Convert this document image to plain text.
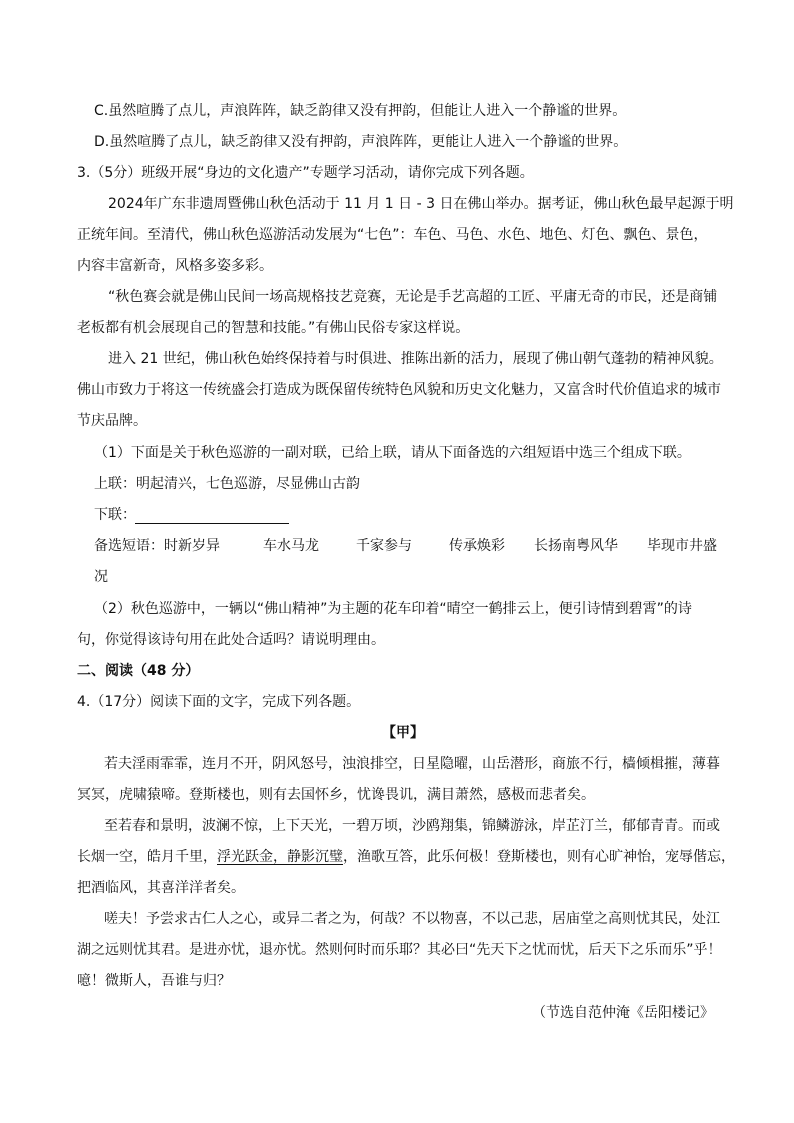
C.虽然喧腾了点儿，声浪阵阵，缺乏韵律又没有押韵，但能让人进入一个静谧的世界。

D.虽然喧腾了点儿，缺乏韵律又没有押韵，声浪阵阵，更能让人进入一个静谧的世界。

3.（5分）班级开展“身边的文化遗产”专题学习活动，请你完成下列各题。

2024年广东非遗周暨佛山秋色活动于 11 月 1 日 - 3 日在佛山举办。据考证，佛山秋色最早起源于明

正统年间。至清代，佛山秋色巡游活动发展为“七色”：车色、马色、水色、地色、灯色、飘色、景色，

内容丰富新奇，风格多姿多彩。

“秋色赛会就是佛山民间一场高规格技艺竞赛，无论是手艺高超的工匠、平庸无奇的市民，还是商铺

老板都有机会展现自己的智慧和技能。”有佛山民俗专家这样说。

进入 21 世纪，佛山秋色始终保持着与时俱进、推陈出新的活力，展现了佛山朝气蓬勃的精神风貌。

佛山市致力于将这一传统盛会打造成为既保留传统特色风貌和历史文化魅力，又富含时代价值追求的城市

节庆品牌。

（1）下面是关于秋色巡游的一副对联，已给上联，请从下面备选的六组短语中选三个组成下联。

上联：明起清兴，七色巡游，尽显佛山古韵

下联：

备选短语：时新岁异	车水马龙	千家参与	传承焕彩 长扬南粤风华 毕现市井盛

况

（2）秋色巡游中，一辆以“佛山精神”为主题的花车印着“晴空一鹤排云上，便引诗情到碧霄”的诗

句，你觉得该诗句用在此处合适吗？请说明理由。

二、阅读（48 分）

4.（17分）阅读下面的文字，完成下列各题。

【甲】

若夫淫雨霏霏，连月不开，阴风怒号，浊浪排空，日星隐曜，山岳潜形，商旅不行，樯倾楫摧，薄暮

冥冥，虎啸猿啼。登斯楼也，则有去国怀乡，忧谗畏讥，满目萧然，感极而悲者矣。

至若春和景明，波澜不惊，上下天光，一碧万顷，沙鸥翔集，锦鳞游泳，岸芷汀兰，郁郁青青。而或

长烟一空，皓月千里，浮光跃金，静影沉璧，渔歌互答，此乐何极！登斯楼也，则有心旷神怡，宠辱偕忘，

把酒临风，其喜洋洋者矣。

嗟夫！予尝求古仁人之心，或异二者之为，何哉？不以物喜，不以己悲，居庙堂之高则忧其民，处江

湖之远则忧其君。是进亦忧，退亦忧。然则何时而乐耶？其必曰“先天下之忧而忧，后天下之乐而乐”乎！

噫！微斯人，吾谁与归？

（节选自范仲淹《岳阳楼记》
